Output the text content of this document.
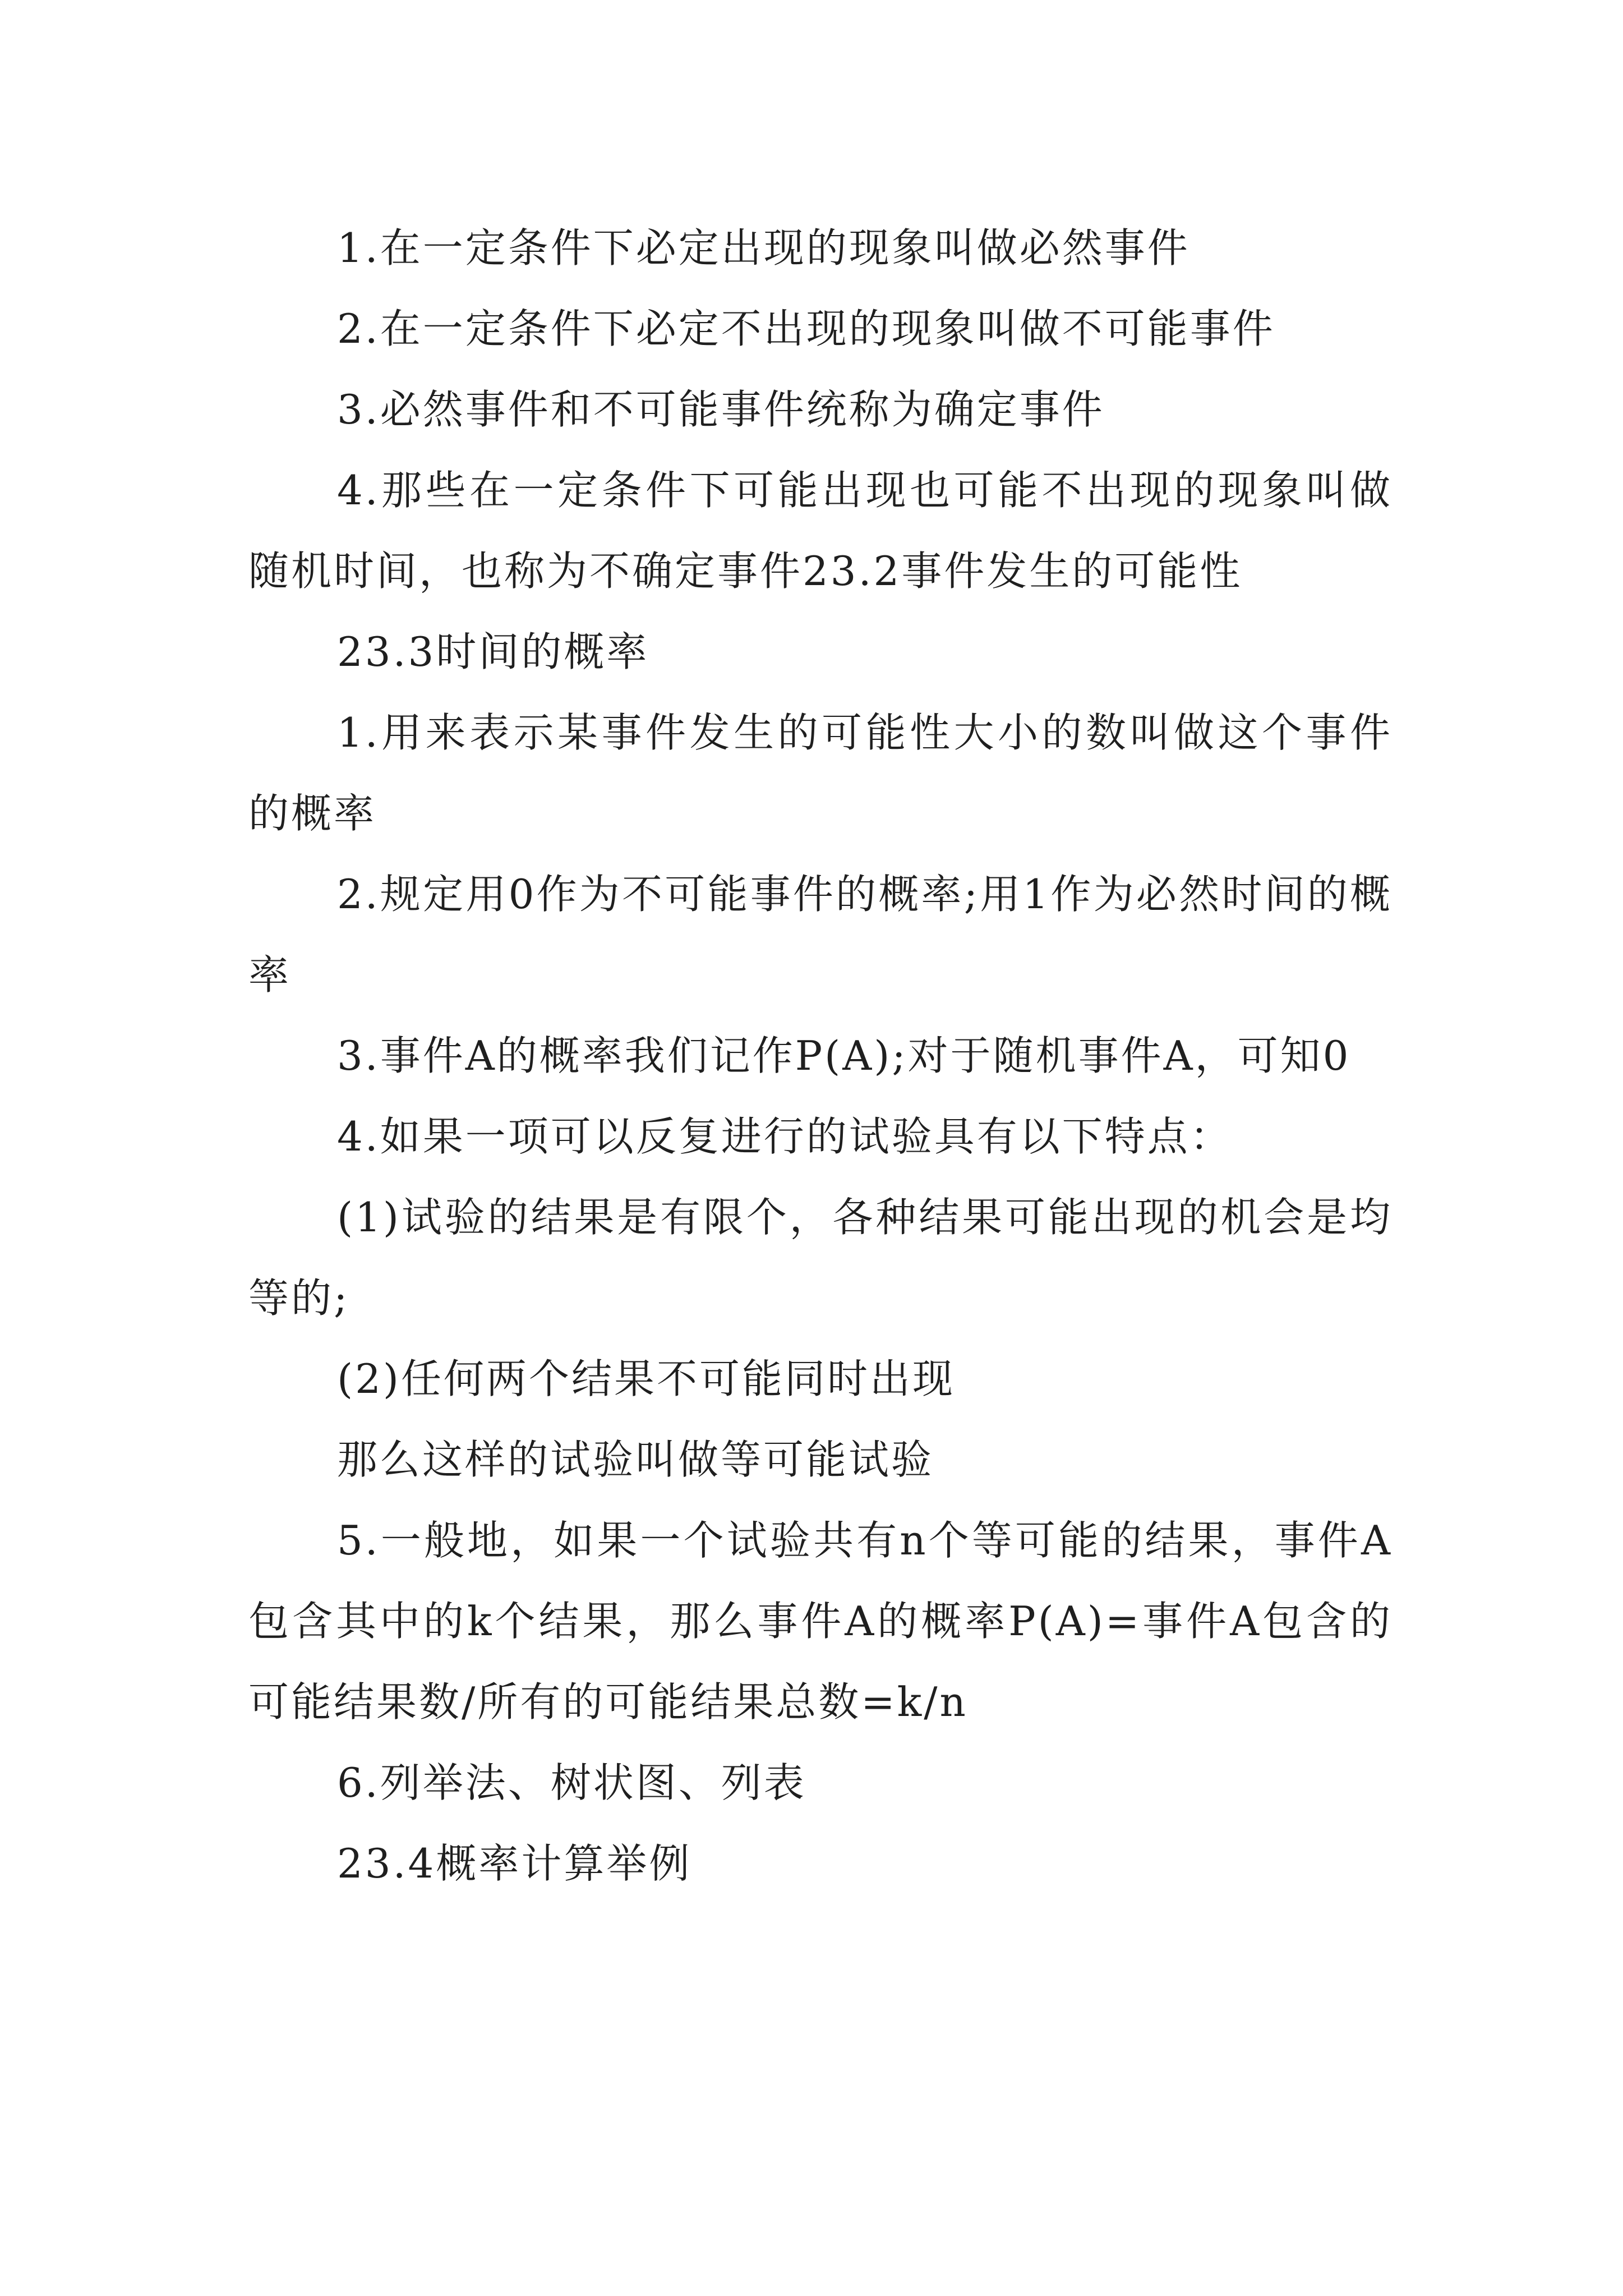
1.在一定条件下必定出现的现象叫做必然事件

2.在一定条件下必定不出现的现象叫做不可能事件

3.必然事件和不可能事件统称为确定事件

4.那些在一定条件下可能出现也可能不出现的现象叫做随机时间，也称为不确定事件23.2事件发生的可能性

23.3时间的概率

1.用来表示某事件发生的可能性大小的数叫做这个事件的概率

2.规定用0作为不可能事件的概率;用1作为必然时间的概率

3.事件A的概率我们记作P(A);对于随机事件A，可知0

4.如果一项可以反复进行的试验具有以下特点：

(1)试验的结果是有限个，各种结果可能出现的机会是均等的;

(2)任何两个结果不可能同时出现

那么这样的试验叫做等可能试验

5.一般地，如果一个试验共有n个等可能的结果，事件A包含其中的k个结果，那么事件A的概率P(A)=事件A包含的可能结果数/所有的可能结果总数=k/n

6.列举法、树状图、列表

23.4概率计算举例
